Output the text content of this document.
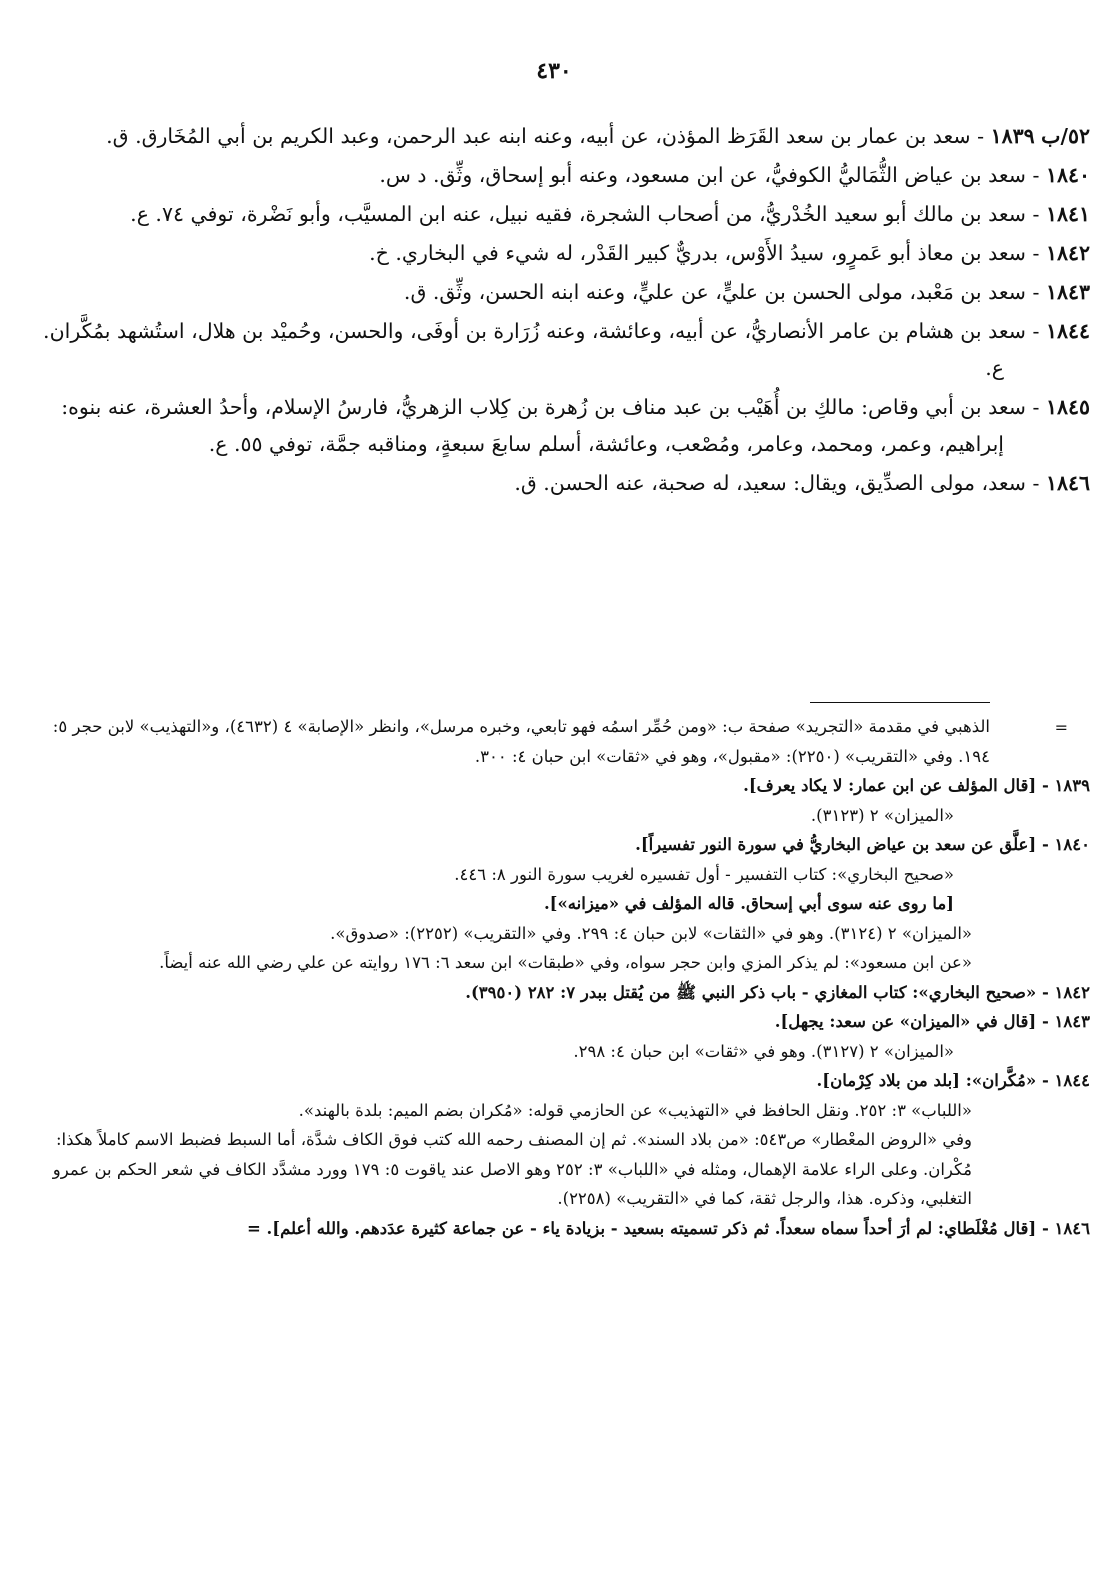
٤٣٠
٥٢/ب ١٨٣٩ - سعد بن عمار بن سعد القَرَظ المؤذن، عن أبيه، وعنه ابنه عبد الرحمن، وعبد الكريم بن أبي المُخَارق. ق.
١٨٤٠ - سعد بن عياض الثُّمَاليُّ الكوفيُّ، عن ابن مسعود، وعنه أبو إسحاق، وثِّق. د س.
١٨٤١ - سعد بن مالك أبو سعيد الخُدْريُّ، من أصحاب الشجرة، فقيه نبيل، عنه ابن المسيَّب، وأبو نَضْرة، توفي ٧٤. ع.
١٨٤٢ - سعد بن معاذ أبو عَمرٍو، سيدُ الأَوْس، بدريٌّ كبير القَدْر، له شيء في البخاري. خ.
١٨٤٣ - سعد بن مَعْبد، مولى الحسن بن عليٍّ، عن عليٍّ، وعنه ابنه الحسن، وثِّق. ق.
١٨٤٤ - سعد بن هشام بن عامر الأنصاريُّ، عن أبيه، وعائشة، وعنه زُرَارة بن أوفَى، والحسن، وحُميْد بن هلال، استُشهد بمُكَّران. ع.
١٨٤٥ - سعد بن أبي وقاص: مالكِ بن أُهَيْب بن عبد مناف بن زُهرة بن كِلاب الزهريُّ، فارسُ الإسلام، وأحدُ العشرة، عنه بنوه: إبراهيم، وعمر، ومحمد، وعامر، ومُصْعب، وعائشة، أسلم سابعَ سبعةٍ، ومناقبه جمَّة، توفي ٥٥. ع.
١٨٤٦ - سعد، مولى الصدِّيق، ويقال: سعيد، له صحبة، عنه الحسن. ق.
=
الذهبي في مقدمة «التجريد» صفحة ب: «ومن حُمِّر اسمُه فهو تابعي، وخبره مرسل»، وانظر «الإصابة» ٤ (٤٦٣٢)، و«التهذيب» لابن حجر ٥: ١٩٤. وفي «التقريب» (٢٢٥٠): «مقبول»، وهو في «ثقات» ابن حبان ٤: ٣٠٠.
١٨٣٩ - [قال المؤلف عن ابن عمار: لا يكاد يعرف].
«الميزان» ٢ (٣١٢٣).
١٨٤٠ - [علَّق عن سعد بن عياض البخاريُّ في سورة النور تفسيراً].
«صحيح البخاري»: كتاب التفسير - أول تفسيره لغريب سورة النور ٨: ٤٤٦.
[ما روى عنه سوى أبي إسحاق. قاله المؤلف في «ميزانه»].
«الميزان» ٢ (٣١٢٤). وهو في «الثقات» لابن حبان ٤: ٢٩٩. وفي «التقريب» (٢٢٥٢): «صدوق».
«عن ابن مسعود»: لم يذكر المزي وابن حجر سواه، وفي «طبقات» ابن سعد ٦: ١٧٦ روايته عن علي رضي الله عنه أيضاً.
١٨٤٢ - «صحيح البخاري»: كتاب المغازي - باب ذكر النبي ﷺ من يُقتل ببدر ٧: ٢٨٢ (٣٩٥٠).
١٨٤٣ - [قال في «الميزان» عن سعد: يجهل].
«الميزان» ٢ (٣١٢٧). وهو في «ثقات» ابن حبان ٤: ٢٩٨.
١٨٤٤ - «مُكَّران»: [بلد من بلاد كِرْمان].
«اللباب» ٣: ٢٥٢. ونقل الحافظ في «التهذيب» عن الحازمي قوله: «مُكران بضم الميم: بلدة بالهند».
وفي «الروض المعْطار» ص٥٤٣: «من بلاد السند». ثم إن المصنف رحمه الله كتب فوق الكاف شدَّة، أما السبط فضبط الاسم كاملاً هكذا: مُكْران. وعلى الراء علامة الإهمال، ومثله في «اللباب» ٣: ٢٥٢ وهو الاصل عند ياقوت ٥: ١٧٩ وورد مشدَّد الكاف في شعر الحكم بن عمرو التغلبي، وذكره. هذا، والرجل ثقة، كما في «التقريب» (٢٢٥٨).
١٨٤٦ - [قال مُغْلَطاي: لم أرَ أحداً سماه سعداً. ثم ذكر تسميته بسعيد - بزيادة ياء - عن جماعة كثيرة عدَدهم. والله أعلم]. =
